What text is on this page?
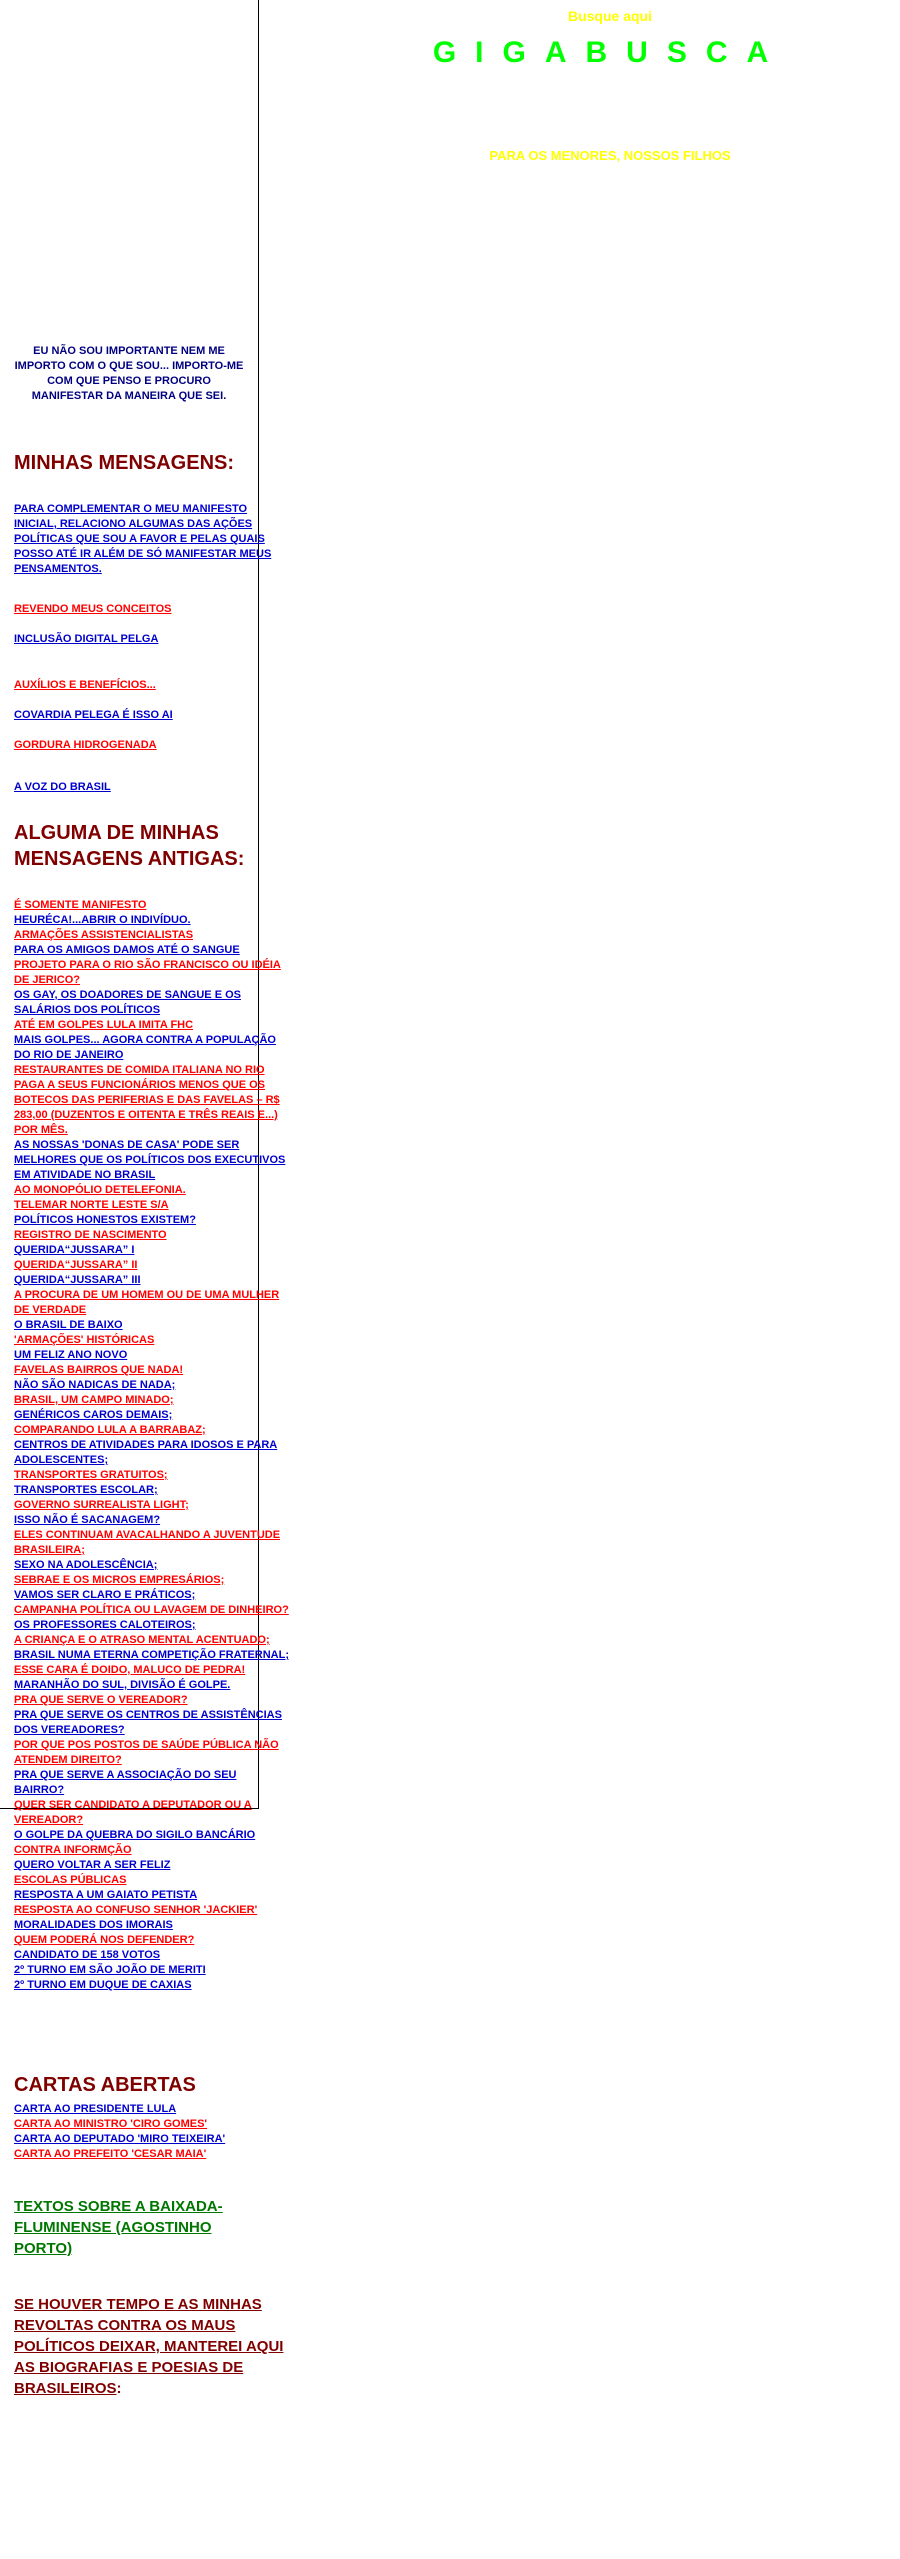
Busque aqui
GIGABUSCA
PARA OS MENORES, NOSSOS FILHOS
EU NÃO SOU IMPORTANTE NEM ME IMPORTO COM O QUE SOU... IMPORTO-ME COM QUE PENSO E PROCURO MANIFESTAR DA MANEIRA QUE SEI.
MINHAS MENSAGENS:
PARA COMPLEMENTAR O MEU MANIFESTO INICIAL, RELACIONO ALGUMAS DAS AÇÕES POLÍTICAS QUE SOU A FAVOR E PELAS QUAIS POSSO ATÉ IR ALÉM DE SÓ MANIFESTAR MEUS PENSAMENTOS.
REVENDO MEUS CONCEITOS
INCLUSÃO DIGITAL PELGA
AUXÍLIOS E BENEFÍCIOS...
COVARDIA PELEGA É ISSO AI
GORDURA HIDROGENADA
A VOZ DO BRASIL
ALGUMA DE MINHAS MENSAGENS ANTIGAS:
É SOMENTE MANIFESTO
HEURÉCA!...ABRIR O INDIVÍDUO.
ARMAÇÕES ASSISTENCIALISTAS
PARA OS AMIGOS DAMOS ATÉ O SANGUE
PROJETO PARA O RIO SÃO FRANCISCO OU IDÉIA DE JERICO?
OS GAY, OS DOADORES DE SANGUE E OS SALÁRIOS DOS POLÍTICOS
ATÉ EM GOLPES LULA IMITA FHC
MAIS GOLPES... AGORA CONTRA A POPULAÇÃO DO RIO DE JANEIRO
RESTAURANTES DE COMIDA ITALIANA NO RIO PAGA A SEUS FUNCIONÁRIOS MENOS QUE OS BOTECOS DAS PERIFERIAS E DAS FAVELAS – R$ 283,00 (DUZENTOS E OITENTA E TRÊS REAIS E...) POR MÊS.
AS NOSSAS 'DONAS DE CASA' PODE SER MELHORES QUE OS POLÍTICOS DOS EXECUTIVOS EM ATIVIDADE NO BRASIL
AO MONOPÓLIO DETELEFONIA.
TELEMAR NORTE LESTE S/A
POLÍTICOS HONESTOS EXISTEM?
REGISTRO DE NASCIMENTO
QUERIDA“JUSSARA” I
QUERIDA“JUSSARA” II
QUERIDA“JUSSARA” III
A PROCURA DE UM HOMEM OU DE UMA MULHER DE VERDADE
O BRASIL DE BAIXO
'ARMAÇÕES' HISTÓRICAS
UM FELIZ ANO NOVO
FAVELAS BAIRROS QUE NADA!
NÃO SÃO NADICAS DE NADA;
BRASIL, UM CAMPO MINADO;
GENÉRICOS CAROS DEMAIS;
COMPARANDO LULA A BARRABAZ;
CENTROS DE ATIVIDADES PARA IDOSOS E PARA ADOLESCENTES;
TRANSPORTES GRATUITOS;
TRANSPORTES ESCOLAR;
GOVERNO SURREALISTA LIGHT;
ISSO NÃO É SACANAGEM?
ELES CONTINUAM AVACALHANDO A JUVENTUDE BRASILEIRA;
SEXO NA ADOLESCÊNCIA;
SEBRAE E OS MICROS EMPRESÁRIOS;
VAMOS SER CLARO E PRÁTICOS;
CAMPANHA POLÍTICA OU LAVAGEM DE DINHEIRO?
OS PROFESSORES CALOTEIROS;
A CRIANÇA E O ATRASO MENTAL ACENTUADO;
BRASIL NUMA ETERNA COMPETIÇÃO FRATERNAL;
ESSE CARA É DOIDO, MALUCO DE PEDRA!
MARANHÃO DO SUL, DIVISÃO É GOLPE.
PRA QUE SERVE O VEREADOR?
PRA QUE SERVE OS CENTROS DE ASSISTÊNCIAS DOS VEREADORES?
POR QUE POS POSTOS DE SAÚDE PÚBLICA NÃO ATENDEM DIREITO?
PRA QUE SERVE A ASSOCIAÇÃO DO SEU BAIRRO?
QUER SER CANDIDATO A DEPUTADOR OU A VEREADOR?
O GOLPE DA QUEBRA DO SIGILO BANCÁRIO
CONTRA INFORMÇÃO
QUERO VOLTAR A SER FELIZ
ESCOLAS PÚBLICAS
RESPOSTA A UM GAIATO PETISTA
RESPOSTA AO CONFUSO SENHOR 'JACKIER'
MORALIDADES DOS IMORAIS
QUEM PODERÁ NOS DEFENDER?
CANDIDATO DE 158 VOTOS
2º TURNO EM SÃO JOÃO DE MERITI
2º TURNO EM DUQUE DE CAXIAS
CARTAS ABERTAS
CARTA AO PRESIDENTE LULA
CARTA AO MINISTRO 'CIRO GOMES'
CARTA AO DEPUTADO 'MIRO TEIXEIRA'
CARTA AO PREFEITO 'CESAR MAIA'
TEXTOS SOBRE A BAIXADA-FLUMINENSE (AGOSTINHO PORTO)
SE HOUVER TEMPO E AS MINHAS REVOLTAS CONTRA OS MAUS POLÍTICOS DEIXAR, MANTEREI AQUI AS BIOGRAFIAS E POESIAS DE BRASILEIROS:
